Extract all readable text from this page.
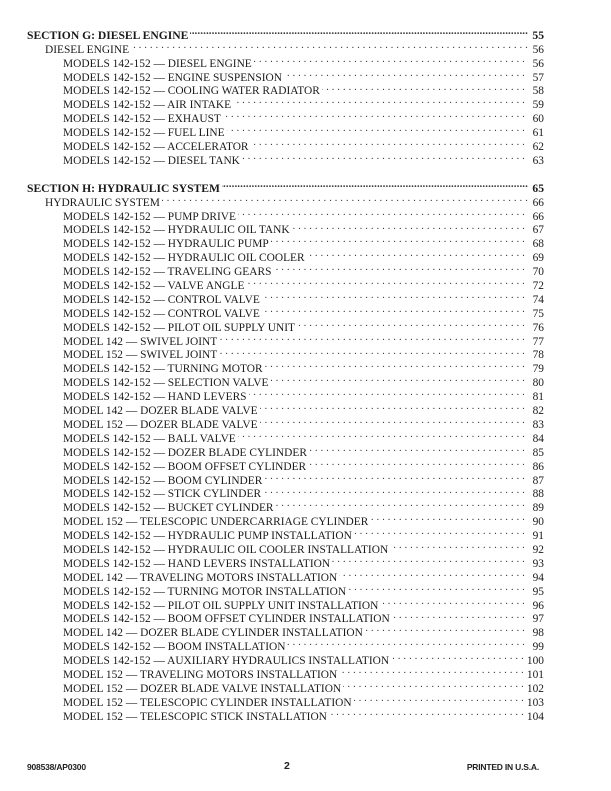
SECTION G: DIESEL ENGINE .....	55
DIESEL ENGINE . . .	56
MODELS 142-152 — DIESEL ENGINE . . .	56
MODELS 142-152 — ENGINE SUSPENSION . . .	57
MODELS 142-152 — COOLING WATER RADIATOR . . .	58
MODELS 142-152 — AIR INTAKE . . .	59
MODELS 142-152 — EXHAUST . . .	60
MODELS 142-152 — FUEL LINE . . .	61
MODELS 142-152 — ACCELERATOR . . .	62
MODELS 142-152 — DIESEL TANK . . .	63
SECTION H: HYDRAULIC SYSTEM .....	65
HYDRAULIC SYSTEM . . .	66
MODELS 142-152 — PUMP DRIVE . . .	66
MODELS 142-152 — HYDRAULIC OIL TANK . . .	67
MODELS 142-152 — HYDRAULIC PUMP . . .	68
MODELS 142-152 — HYDRAULIC OIL COOLER . . .	69
MODELS 142-152 — TRAVELING GEARS . . .	70
MODELS 142-152 — VALVE ANGLE . . .	72
MODELS 142-152 — CONTROL VALVE . . .	74
MODELS 142-152 — CONTROL VALVE . . .	75
MODELS 142-152 — PILOT OIL SUPPLY UNIT . . .	76
MODEL 142 — SWIVEL JOINT . . .	77
MODEL 152 — SWIVEL JOINT . . .	78
MODELS 142-152 — TURNING MOTOR . . .	79
MODELS 142-152 — SELECTION VALVE . . .	80
MODELS 142-152 — HAND LEVERS . . .	81
MODEL 142 — DOZER BLADE VALVE . . .	82
MODEL 152 — DOZER BLADE VALVE . . .	83
MODELS 142-152 — BALL VALVE . . .	84
MODELS 142-152 — DOZER BLADE CYLINDER . . .	85
MODELS 142-152 — BOOM OFFSET CYLINDER . . .	86
MODELS 142-152 — BOOM CYLINDER . . .	87
MODELS 142-152 — STICK CYLINDER . . .	88
MODELS 142-152 — BUCKET CYLINDER . . .	89
MODEL 152 — TELESCOPIC UNDERCARRIAGE CYLINDER . . .	90
MODELS 142-152 — HYDRAULIC PUMP INSTALLATION . . .	91
MODELS 142-152 — HYDRAULIC OIL COOLER INSTALLATION . . .	92
MODELS 142-152 — HAND LEVERS INSTALLATION . . .	93
MODEL 142 — TRAVELING MOTORS INSTALLATION . . .	94
MODELS 142-152 — TURNING MOTOR INSTALLATION . . .	95
MODELS 142-152 — PILOT OIL SUPPLY UNIT INSTALLATION . . .	96
MODELS 142-152 — BOOM OFFSET CYLINDER INSTALLATION . . .	97
MODEL 142 — DOZER BLADE CYLINDER INSTALLATION . . .	98
MODELS 142-152 — BOOM INSTALLATION . . .	99
MODELS 142-152 — AUXILIARY HYDRAULICS INSTALLATION . . .	100
MODEL 152 — TRAVELING MOTORS INSTALLATION . . .	101
MODEL 152 — DOZER BLADE VALVE INSTALLATION . . .	102
MODEL 152 — TELESCOPIC CYLINDER INSTALLATION . . .	103
MODEL 152 — TELESCOPIC STICK INSTALLATION . . .	104
908538/AP0300	2	PRINTED IN U.S.A.
